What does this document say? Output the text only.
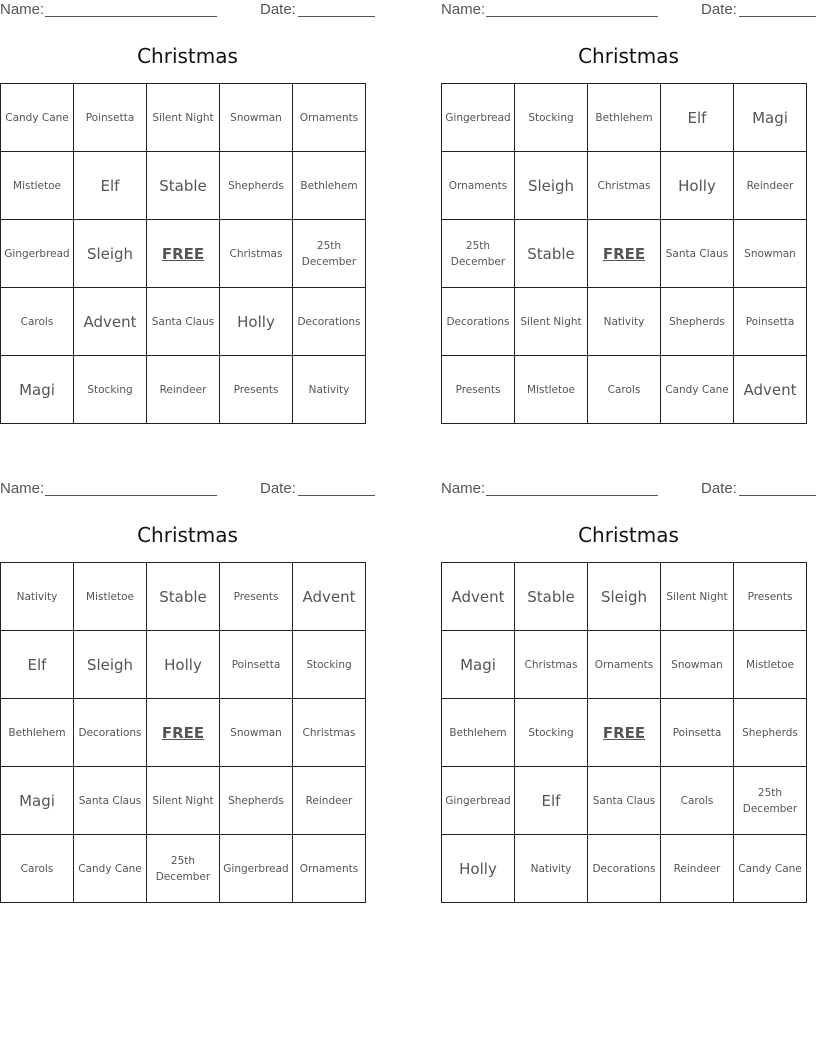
Name:	Date:
Christmas
Candy Cane	Poinsetta	Silent Night	Snowman	Ornaments
Mistletoe	Elf	Stable	Shepherds	Bethlehem
Gingerbread	Sleigh	FREE	Christmas	25th December
Carols	Advent	Santa Claus	Holly	Decorations
Magi	Stocking	Reindeer	Presents	Nativity
Name:	Date:
Christmas
Gingerbread	Stocking	Bethlehem	Elf	Magi
Ornaments	Sleigh	Christmas	Holly	Reindeer
25th December	Stable	FREE	Santa Claus	Snowman
Decorations	Silent Night	Nativity	Shepherds	Poinsetta
Presents	Mistletoe	Carols	Candy Cane	Advent
Name:	Date:
Christmas
Nativity	Mistletoe	Stable	Presents	Advent
Elf	Sleigh	Holly	Poinsetta	Stocking
Bethlehem	Decorations	FREE	Snowman	Christmas
Magi	Santa Claus	Silent Night	Shepherds	Reindeer
Carols	Candy Cane	25th December	Gingerbread	Ornaments
Name:	Date:
Christmas
Advent	Stable	Sleigh	Silent Night	Presents
Magi	Christmas	Ornaments	Snowman	Mistletoe
Bethlehem	Stocking	FREE	Poinsetta	Shepherds
Gingerbread	Elf	Santa Claus	Carols	25th December
Holly	Nativity	Decorations	Reindeer	Candy Cane
